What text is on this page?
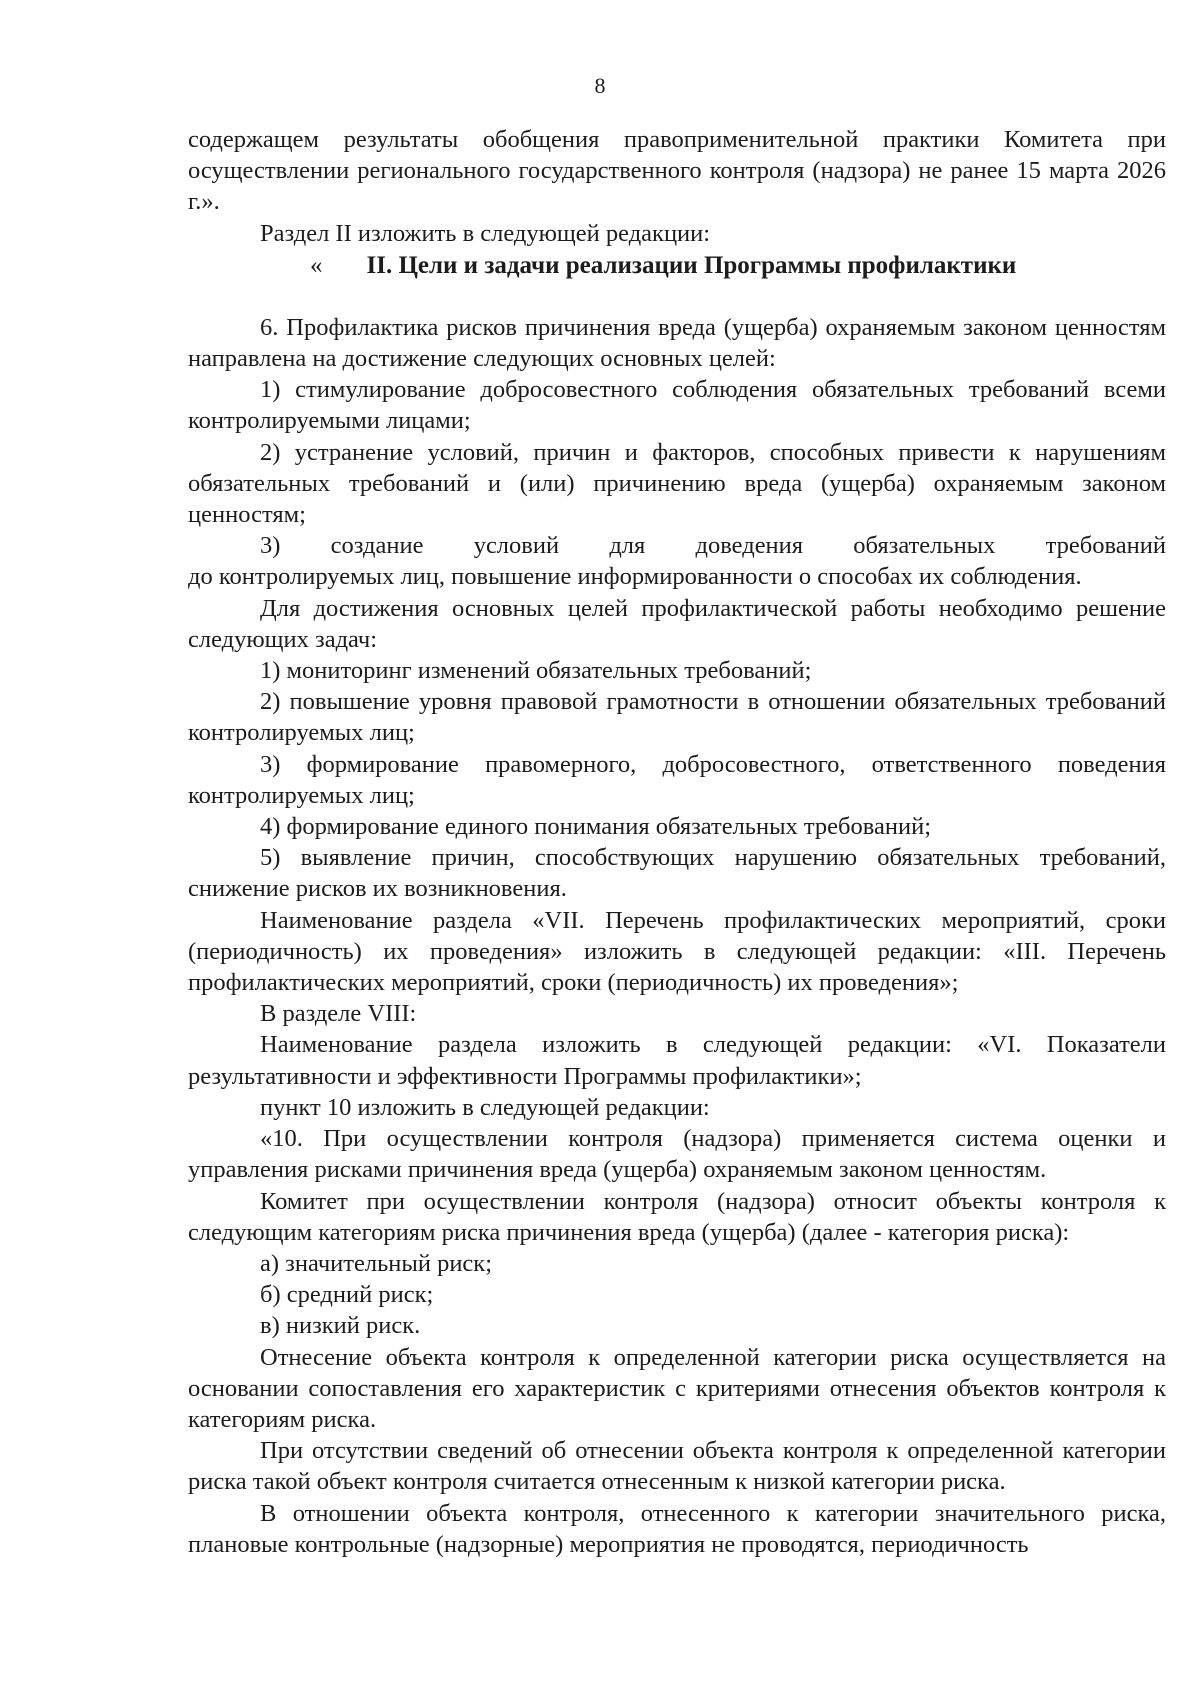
8

содержащем результаты обобщения правоприменительной практики Комитета при осуществлении регионального государственного контроля (надзора) не ранее 15 марта 2026 г.».

Раздел II изложить в следующей редакции:

« II. Цели и задачи реализации Программы профилактики

6. Профилактика рисков причинения вреда (ущерба) охраняемым законом ценностям направлена на достижение следующих основных целей:

1) стимулирование добросовестного соблюдения обязательных требований всеми контролируемыми лицами;

2) устранение условий, причин и факторов, способных привести к нарушениям обязательных требований и (или) причинению вреда (ущерба) охраняемым законом ценностям;

3) создание условий для доведения обязательных требований

до контролируемых лиц, повышение информированности о способах их соблюдения.

Для достижения основных целей профилактической работы необходимо решение следующих задач:

1) мониторинг изменений обязательных требований;

2) повышение уровня правовой грамотности в отношении обязательных требований контролируемых лиц;

3) формирование правомерного, добросовестного, ответственного поведения контролируемых лиц;

4) формирование единого понимания обязательных требований;

5) выявление причин, способствующих нарушению обязательных требований, снижение рисков их возникновения.

Наименование раздела «VII. Перечень профилактических мероприятий, сроки (периодичность) их проведения» изложить в следующей редакции: «III. Перечень профилактических мероприятий, сроки (периодичность) их проведения»;

В разделе VIII:

Наименование раздела изложить в следующей редакции: «VI. Показатели результативности и эффективности Программы профилактики»;

пункт 10 изложить в следующей редакции:

«10. При осуществлении контроля (надзора) применяется система оценки и управления рисками причинения вреда (ущерба) охраняемым законом ценностям.

Комитет при осуществлении контроля (надзора) относит объекты контроля к следующим категориям риска причинения вреда (ущерба) (далее - категория риска):

а) значительный риск;

б) средний риск;

в) низкий риск.

Отнесение объекта контроля к определенной категории риска осуществляется на основании сопоставления его характеристик с критериями отнесения объектов контроля к категориям риска.

При отсутствии сведений об отнесении объекта контроля к определенной категории риска такой объект контроля считается отнесенным к низкой категории риска.

В отношении объекта контроля, отнесенного к категории значительного риска, плановые контрольные (надзорные) мероприятия не проводятся, периодичность
